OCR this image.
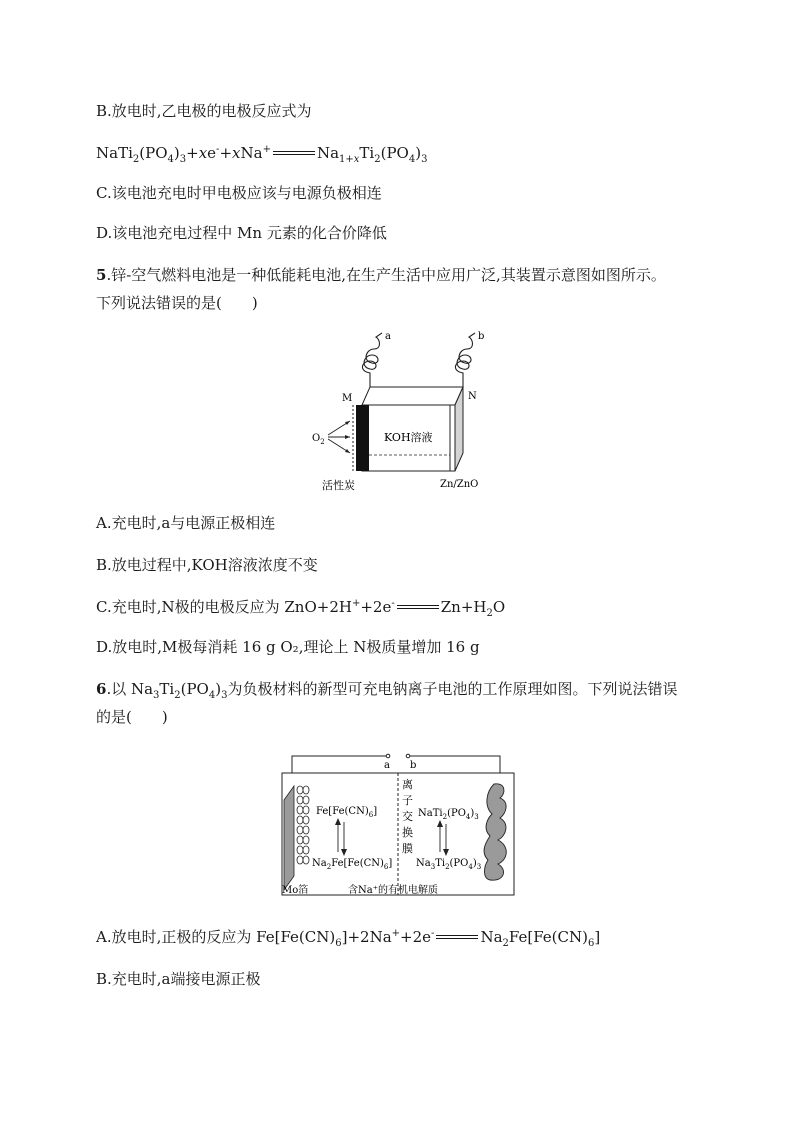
B.放电时,乙电极的电极反应式为
$NaTi_2(PO_4)_3+xe^-+xNa^+$	$Na_{1+x}Ti_2(PO_4)_3$
C.该电池充电时甲电极应该与电源负极相连
D.该电池充电过程中 Mn 元素的化合价降低
5.锌-空气燃料电池是一种低能耗电池,在生产生活中应用广泛,其装置示意图如图所示。
下列说法错误的是(　　)
a	b
KOH溶液
M	N
$O_2$
活性炭	Zn/ZnO
A.充电时,a与电源正极相连
B.放电过程中,KOH溶液浓度不变
C.充电时,N极的电极反应为 ZnO+2H++2e-	$Zn+H_2O$
D.放电时,M极每消耗 16 g O₂,理论上 N极质量增加 16 g
6.以 $Na_3Ti_2(PO_4)_3$为负极材料的新型可充电钠离子电池的工作原理如图。下列说法错误
的是(　　)
a b
$Fe[Fe(CN)_6]$
$Na_2Fe[Fe(CN)_6]$
离
子
交
换
膜
$NaTi_2(PO_4)_3$
$Na_3Ti_2(PO_4)_3$
Mo箔	含Na⁺的有机电解质
A.放电时,正极的反应为 $Fe[Fe(CN)_6]+2Na^++2e^-$	$Na_2Fe[Fe(CN)_6]$
B.充电时,a端接电源正极
